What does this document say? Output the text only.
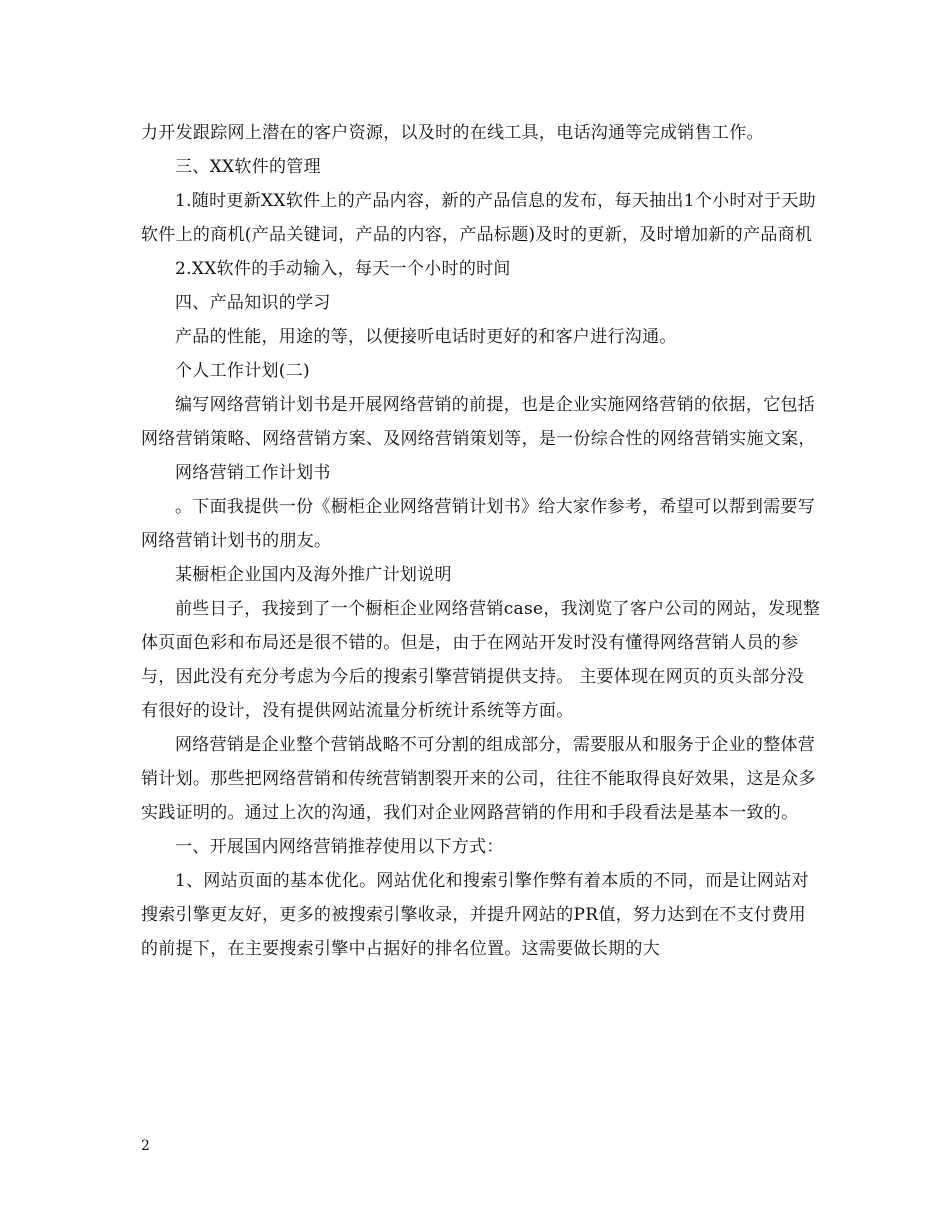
力开发跟踪网上潜在的客户资源，以及时的在线工具，电话沟通等完成销售工作。

三、XX软件的管理

1.随时更新XX软件上的产品内容，新的产品信息的发布，每天抽出1个小时对于天助软件上的商机(产品关键词，产品的内容，产品标题)及时的更新，及时增加新的产品商机

2.XX软件的手动输入，每天一个小时的时间

四、产品知识的学习

产品的性能，用途的等，以便接听电话时更好的和客户进行沟通。

个人工作计划(二)

编写网络营销计划书是开展网络营销的前提，也是企业实施网络营销的依据，它包括网络营销策略、网络营销方案、及网络营销策划等，是一份综合性的网络营销实施文案，

网络营销工作计划书

。下面我提供一份《橱柜企业网络营销计划书》给大家作参考，希望可以帮到需要写网络营销计划书的朋友。

某橱柜企业国内及海外推广计划说明

前些日子，我接到了一个橱柜企业网络营销case，我浏览了客户公司的网站，发现整体页面色彩和布局还是很不错的。但是，由于在网站开发时没有懂得网络营销人员的参与，因此没有充分考虑为今后的搜索引擎营销提供支持。 主要体现在网页的页头部分没有很好的设计，没有提供网站流量分析统计系统等方面。

网络营销是企业整个营销战略不可分割的组成部分，需要服从和服务于企业的整体营销计划。那些把网络营销和传统营销割裂开来的公司，往往不能取得良好效果，这是众多实践证明的。通过上次的沟通，我们对企业网路营销的作用和手段看法是基本一致的。

一、开展国内网络营销推荐使用以下方式：

1、网站页面的基本优化。网站优化和搜索引擎作弊有着本质的不同，而是让网站对搜索引擎更友好，更多的被搜索引擎收录，并提升网站的PR值，努力达到在不支付费用的前提下，在主要搜索引擎中占据好的排名位置。这需要做长期的大

2
